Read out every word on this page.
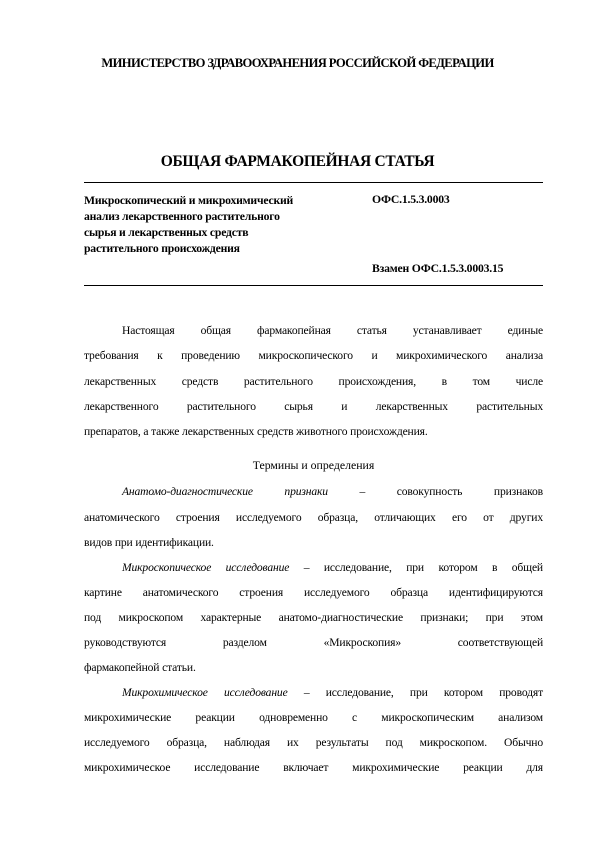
МИНИСТЕРСТВО ЗДРАВООХРАНЕНИЯ РОССИЙСКОЙ ФЕДЕРАЦИИ
ОБЩАЯ ФАРМАКОПЕЙНАЯ СТАТЬЯ
Микроскопический и микрохимический
анализ лекарственного растительного
сырья и лекарственных средств
растительного происхождения
ОФС.1.5.3.0003
Взамен ОФС.1.5.3.0003.15
Настоящая общая фармакопейная статья устанавливает единые
требования к проведению микроскопического и микрохимического анализа
лекарственных средств растительного происхождения, в том числе
лекарственного растительного сырья и лекарственных растительных
препаратов, а также лекарственных средств животного происхождения.
Термины и определения
Анатомо-диагностические признаки – совокупность признаков
анатомического строения исследуемого образца, отличающих его от других
видов при идентификации.
Микроскопическое исследование – исследование, при котором в общей
картине анатомического строения исследуемого образца идентифицируются
под микроскопом характерные анатомо-диагностические признаки; при этом
руководствуются разделом «Микроскопия» соответствующей
фармакопейной статьи.
Микрохимическое исследование – исследование, при котором проводят
микрохимические реакции одновременно с микроскопическим анализом
исследуемого образца, наблюдая их результаты под микроскопом. Обычно
микрохимическое исследование включает микрохимические реакции для
